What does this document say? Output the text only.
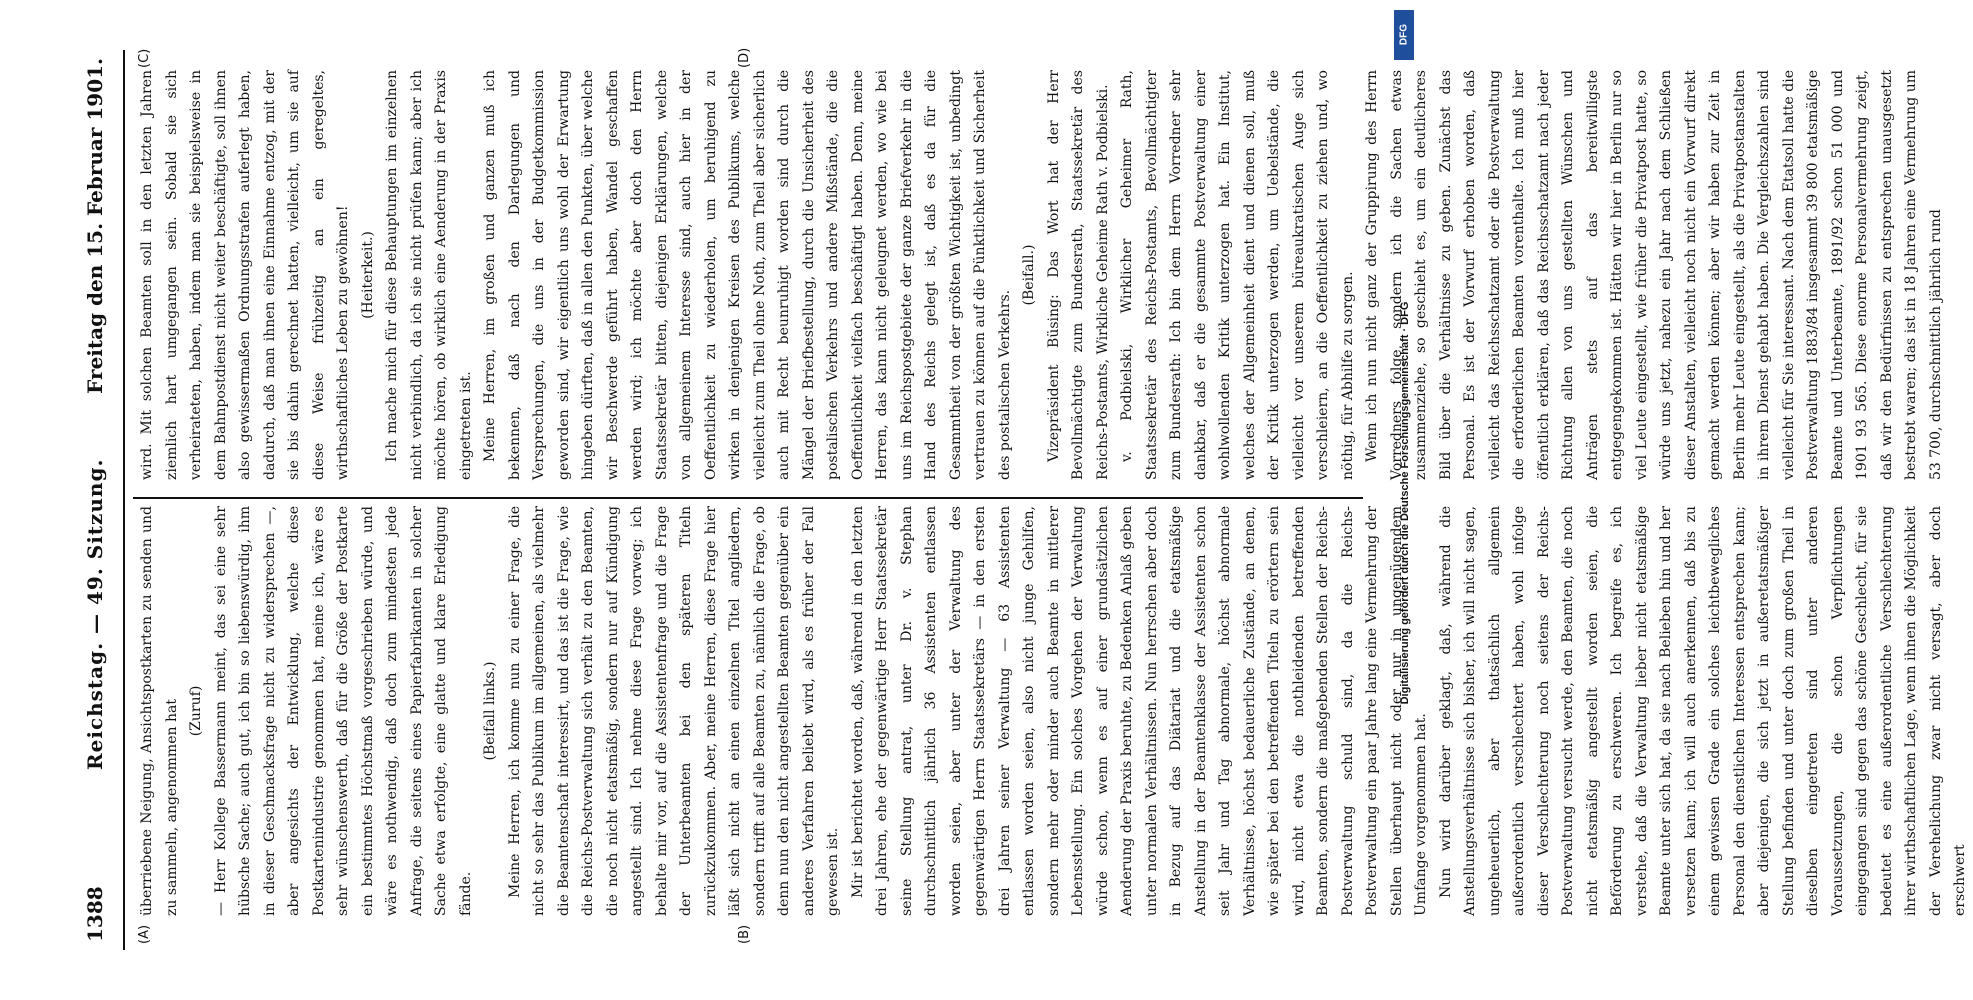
1388
Reichstag. — 49. Sitzung.
Freitag den 15. Februar 1901.
(A)	(B)
(C)	(D)

überriebene Neigung, Ansichtspostkarten zu senden und zu sammeln, angenommen hat (Zuruf) — Herr Kollege Bassermann meint, das sei eine sehr hübsche Sache; auch gut, ich bin so liebenswürdig, ihm in dieser Geschmacksfrage nicht zu widersprechen —, aber angesichts der Entwicklung, welche diese Postkartenindustrie genommen hat, meine ich, wäre es sehr wünschenswerth, daß für die Größe der Postkarte ein bestimmtes Höchstmaß vorgeschrieben würde, und wäre es nothwendig, daß doch zum mindesten jede Anfrage, die seitens eines Papierfabrikanten in solcher Sache etwa erfolgte, eine glatte und klare Erledigung fände.

(Beifall links.) Meine Herren, ich komme nun zu einer Frage, die nicht so sehr das Publikum im allgemeinen, als vielmehr die Beamtenschaft interessirt, und das ist die Frage, wie die Reichs-Postverwaltung sich verhält zu den Beamten, die noch nicht etatsmäßig, sondern nur auf Kündigung angestellt sind. Ich nehme diese Frage vorweg; ich behalte mir vor, auf die Assistentenfrage und die Frage der Unterbeamten bei den späteren Titeln zurückzukommen. Aber, meine Herren, diese Frage hier läßt sich nicht an einen einzelnen Titel angliedern, sondern trifft auf alle Beamten zu, nämlich die Frage, ob denn nun den nicht angestellten Beamten gegenüber ein anderes Verfahren beliebt wird, als es früher der Fall gewesen ist. Mir ist berichtet worden, daß, während in den letzten drei Jahren, ehe der gegenwärtige Herr Staatssekretär seine Stellung antrat, unter Dr. v. Stephan durchschnittlich jährlich 36 Assistenten entlassen worden seien, aber unter der Verwaltung des gegenwärtigen Herrn Staatssekretärs — in den ersten drei Jahren seiner Verwaltung — 63 Assistenten entlassen worden seien, also nicht junge Gehilfen, sondern mehr oder minder auch Beamte in mittlerer Lebensstellung. Ein solches Vorgehen der Verwaltung würde schon, wenn es auf einer grundsätzlichen Aenderung der Praxis beruhte, zu Bedenken Anlaß geben unter normalen Verhältnissen. Nun herrschen aber doch in Bezug auf das Diätariat und die etatsmäßige Anstellung in der Beamtenklasse der Assistenten schon seit Jahr und Tag abnormale, höchst abnormale Verhältnisse, höchst bedauerliche Zustände, an denen, wie später bei den betreffenden Titeln zu erörtern sein wird, nicht etwa die nothleidenden betreffenden Beamten, sondern die maßgebenden Stellen der Reichs-Postverwaltung schuld sind, da die Reichs-Postverwaltung ein paar Jahre lang eine Vermehrung der Stellen überhaupt nicht oder nur in ungenügendem Umfange vorgenommen hat. Nun wird darüber geklagt, daß, während die Anstellungsverhältnisse sich bisher, ich will nicht sagen, ungeheuerlich, aber thatsächlich allgemein außerordentlich verschlechtert haben, wohl infolge dieser Verschlechterung noch seitens der Reichs-Postverwaltung versucht werde, den Beamten, die noch nicht etatsmäßig angestellt worden seien, die Beförderung zu erschweren. Ich begreife es, ich verstehe, daß die Verwaltung lieber nicht etatsmäßige Beamte unter sich hat, da sie nach Belieben hin und her versetzen kann; ich will auch anerkennen, daß bis zu einem gewissen Grade ein solches leichtbewegliches Personal den dienstlichen Interessen entsprechen kann; aber diejenigen, die sich jetzt in außeretatsmäßiger Stellung befinden und unter doch zum großen Theil in dieselben eingetreten sind unter anderen Voraussetzungen, die schon Verpflichtungen eingegangen sind gegen das schöne Geschlecht, für sie bedeutet es eine außerordentliche Verschlechterung ihrer wirthschaftlichen Lage, wenn ihnen die Möglichkeit der Verehelichung zwar nicht versagt, aber doch erschwert

wird. Mit solchen Beamten soll in den letzten Jahren ziemlich hart umgegangen sein. Sobald sie sich verheirateten, haben, indem man sie beispielsweise in dem Bahnpostdienst nicht weiter beschäftigte, soll ihnen also gewissermaßen Ordnungsstrafen auferlegt haben, dadurch, daß man ihnen eine Einnahme entzog, mit der sie bis dahin gerechnet hatten, vielleicht, um sie auf diese Weise frühzeitig an ein geregeltes, wirthschaftliches Leben zu gewöhnen! (Heiterkeit.) Ich mache mich für diese Behauptungen im einzelnen nicht verbindlich, da ich sie nicht prüfen kann; aber ich möchte hören, ob wirklich eine Aenderung in der Praxis eingetreten ist. Meine Herren, im großen und ganzen muß ich bekennen, daß nach den Darlegungen und Versprechungen, die uns in der Budgetkommission geworden sind, wir eigentlich uns wohl der Erwartung hingeben dürften, daß in allen den Punkten, über welche wir Beschwerde geführt haben, Wandel geschaffen werden wird; ich möchte aber doch den Herrn Staatssekretär bitten, diejenigen Erklärungen, welche von allgemeinem Interesse sind, auch hier in der Oeffentlichkeit zu wiederholen, um beruhigend zu wirken in denjenigen Kreisen des Publikums, welche vielleicht zum Theil ohne Noth, zum Theil aber sicherlich auch mit Recht beunruhigt worden sind durch die Mängel der Briefbestellung, durch die Unsicherheit des postalischen Verkehrs und andere Mißstände, die die Oeffentlichkeit vielfach beschäftigt haben. Denn, meine Herren, das kann nicht geleugnet werden, wo wie bei uns im Reichspostgebiete der ganze Briefverkehr in die Hand des Reichs gelegt ist, daß es da für die Gesammtheit von der größten Wichtigkeit ist, unbedingt vertrauen zu können auf die Pünktlichkeit und Sicherheit des postalischen Verkehrs.

(Beifall.) Vizepräsident Büsing: Das Wort hat der Herr Bevollmächtigte zum Bundesrath, Staatssekretär des Reichs-Postamts, Wirkliche Geheime Rath v. Podbielski. v. Podbielski, Wirklicher Geheimer Rath, Staatssekretär des Reichs-Postamts, Bevollmächtigter zum Bundesrath: Ich bin dem Herrn Vorredner sehr dankbar, daß er die gesammte Postverwaltung einer wohlwollenden Kritik unterzogen hat. Ein Institut, welches der Allgemeinheit dient und dienen soll, muß der Kritik unterzogen werden, um Uebelstände, die vielleicht vor unserem büreaukratischen Auge sich verschleiern, an die Oeffentlichkeit zu ziehen und, wo nöthig, für Abhilfe zu sorgen. Wenn ich nun nicht ganz der Gruppirung des Herrn Vorredners folge, sondern ich die Sachen etwas zusammenziehe, so geschieht es, um ein deutlicheres Bild über die Verhältnisse zu geben. Zunächst das Personal. Es ist der Vorwurf erhoben worden, daß vielleicht das Reichsschatzamt oder die Postverwaltung die erforderlichen Beamten vorenthalte. Ich muß hier öffentlich erklären, daß das Reichsschatzamt nach jeder Richtung allen von uns gestellten Wünschen und Anträgen stets auf das bereitwilligste entgegengekommen ist. Hätten wir hier in Berlin nur so viel Leute eingestellt, wie früher die Privatpost hatte, so würde uns jetzt, nahezu ein Jahr nach dem Schließen dieser Anstalten, vielleicht noch nicht ein Vorwurf direkt gemacht werden können; aber wir haben zur Zeit in Berlin mehr Leute eingestellt, als die Privatpostanstalten in ihrem Dienst gehabt haben. Die Vergleichszahlen sind vielleicht für Sie interessant. Nach dem Etatsoll hatte die Postverwaltung 1883/84 insgesammt 39 800 etatsmäßige Beamte und Unterbeamte, 1891/92 schon 51 000 und 1901 93 565. Diese enorme Personalvermehrung zeigt, daß wir den Bedürfnissen zu entsprechen unausgesetzt bestrebt waren; das ist in 18 Jahren eine Vermehrung um 53 700, durchschnittlich jährlich rund

DFG
Digitalisierung gefördert durch die Deutsche Forschungsgemeinschaft · DFG
